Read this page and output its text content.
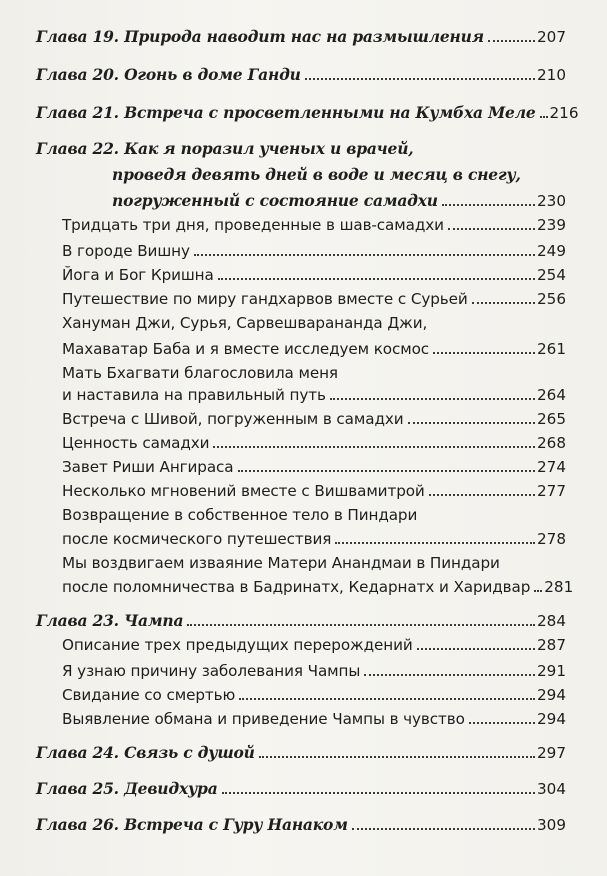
Глава 19. Природа наводит нас на размышления	207
Глава 20. Огонь в доме Ганди	210
Глава 21. Встреча с просветленными на Кумбха Меле 216
Глава 22. Как я поразил ученых и врачей,
проведя девять дней в воде и месяц в снегу,
погруженный с состояние самадхи	230
Тридцать три дня, проведенные в шав-самадхи	239
В городе Вишну	249
Йога и Бог Кришна	254
Путешествие по миру гандхарвов вместе с Сурьей	256
Хануман Джи, Сурья, Сарвешварананда Джи,
Махаватар Баба и я вместе исследуем космос	261
Мать Бхагвати благословила меня
и наставила на правильный путь	264
Встреча с Шивой, погруженным в самадхи	265
Ценность самадхи	268
Завет Риши Ангираса	274
Несколько мгновений вместе с Вишвамитрой	277
Возвращение в собственное тело в Пиндари
после космического путешествия	278
Мы воздвигаем изваяние Матери Анандмаи в Пиндари
после поломничества в Бадринатх, Кедарнатх и Харидвар 281
Глава 23. Чампа	284
Описание трех предыдущих перерождений	287
Я узнаю причину заболевания Чампы	291
Свидание со смертью	294
Выявление обмана и приведение Чампы в чувство	294
Глава 24. Связь с душой	297
Глава 25. Девидхура	304
Глава 26. Встреча с Гуру Нанаком	309
